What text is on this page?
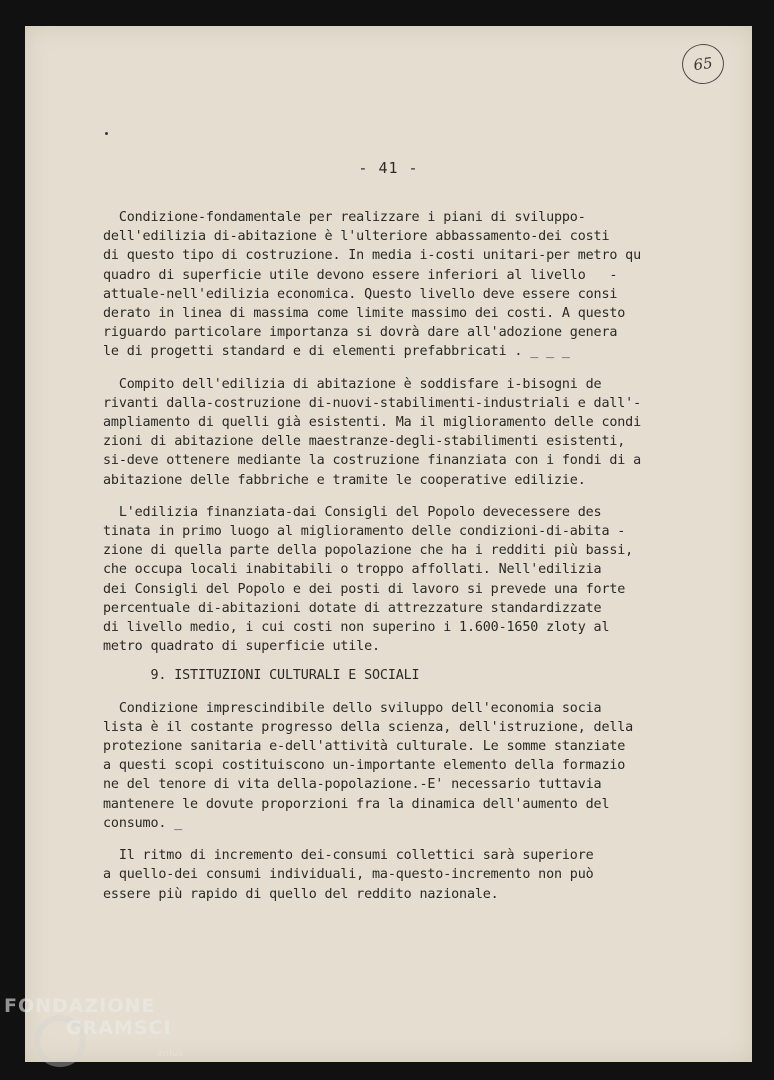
65
- 41 -

Condizione-fondamentale per realizzare i piani di sviluppo-

dell'edilizia di-abitazione è l'ulteriore abbassamento-dei costi

di questo tipo di costruzione. In media i-costi unitari-per metro qu

quadro di superficie utile devono essere inferiori al livello   -

attuale-nell'edilizia economica. Questo livello deve essere consi

derato in linea di massima come limite massimo dei costi. A questo

riguardo particolare importanza si dovrà dare all'adozione genera

le di progetti standard e di elementi prefabbricati . _ _ _

Compito dell'edilizia di abitazione è soddisfare i-bisogni de

rivanti dalla-costruzione di-nuovi-stabilimenti-industriali e dall'-

ampliamento di quelli già esistenti. Ma il miglioramento delle condi

zioni di abitazione delle maestranze-degli-stabilimenti esistenti,

si-deve ottenere mediante la costruzione finanziata con i fondi di a

abitazione delle fabbriche e tramite le cooperative edilizie.

L'edilizia finanziata-dai Consigli del Popolo devecessere des

tinata in primo luogo al miglioramento delle condizioni-di-abita -

zione di quella parte della popolazione che ha i redditi più bassi,

che occupa locali inabitabili o troppo affollati. Nell'edilizia

dei Consigli del Popolo e dei posti di lavoro si prevede una forte

percentuale di-abitazioni dotate di attrezzature standardizzate

di livello medio, i cui costi non superino i 1.600-1650 zloty al

metro quadrato di superficie utile.

9. ISTITUZIONI CULTURALI E SOCIALI

Condizione imprescindibile dello sviluppo dell'economia socia

lista è il costante progresso della scienza, dell'istruzione, della

protezione sanitaria e-dell'attività culturale. Le somme stanziate

a questi scopi costituiscono un-importante elemento della formazio

ne del tenore di vita della-popolazione.-E' necessario tuttavia

mantenere le dovute proporzioni fra la dinamica dell'aumento del

consumo. _

Il ritmo di incremento dei-consumi collettici sarà superiore

a quello-dei consumi individuali, ma-questo-incremento non può

essere più rapido di quello del reddito nazionale.

FONDAZIONE
GRAMSCI
onlus
